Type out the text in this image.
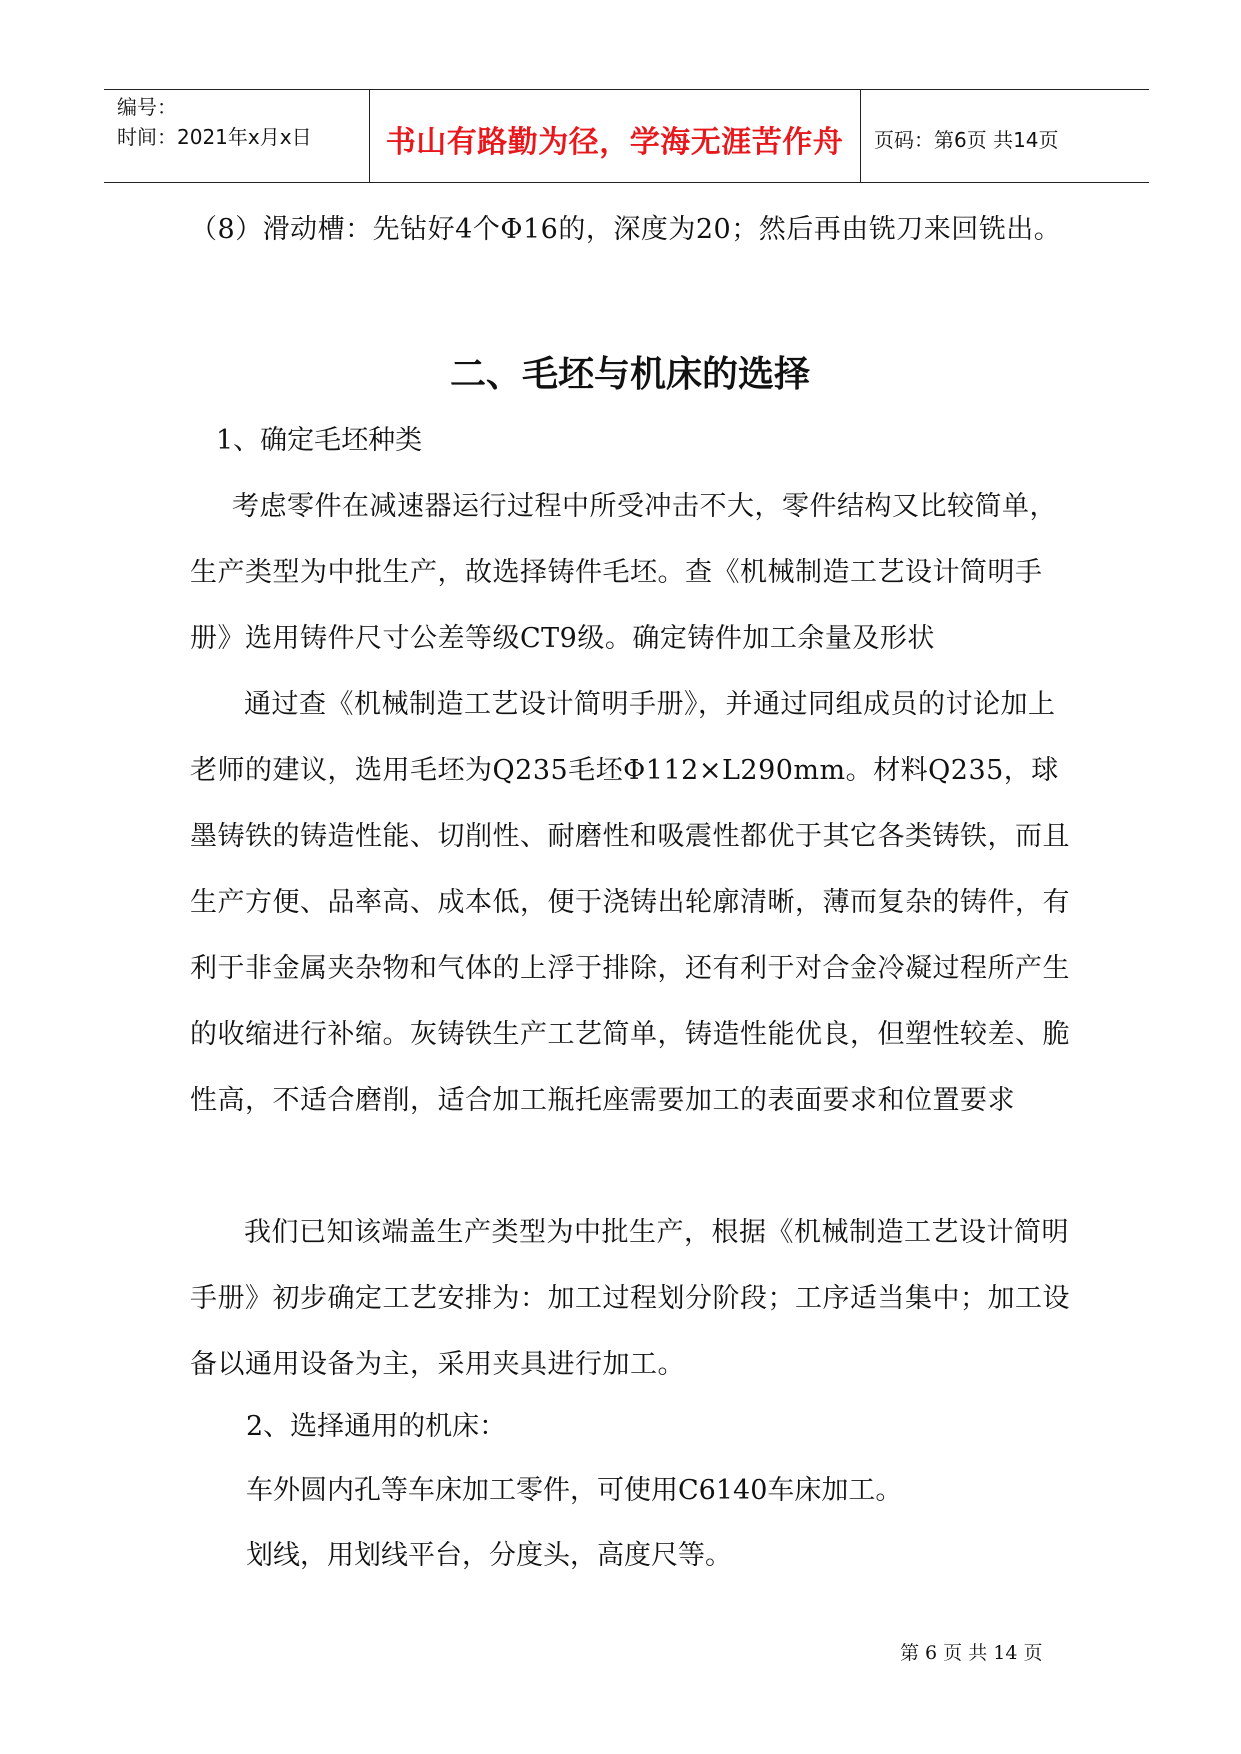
编号：
时间：2021年x月x日	书山有路勤为径，学海无涯苦作舟	页码：第6页 共14页

（8）滑动槽：先钻好4个Φ16的，深度为20；然后再由铣刀来回铣出。

二、毛坯与机床的选择

1、确定毛坯种类

考虑零件在减速器运行过程中所受冲击不大，零件结构又比较简单，生产类型为中批生产，故选择铸件毛坯。查《机械制造工艺设计简明手册》选用铸件尺寸公差等级CT9级。确定铸件加工余量及形状

通过查《机械制造工艺设计简明手册》，并通过同组成员的讨论加上老师的建议，选用毛坯为Q235毛坯Φ112×L290mm。材料Q235，球墨铸铁的铸造性能、切削性、耐磨性和吸震性都优于其它各类铸铁，而且生产方便、品率高、成本低，便于浇铸出轮廓清晰，薄而复杂的铸件，有利于非金属夹杂物和气体的上浮于排除，还有利于对合金冷凝过程所产生的收缩进行补缩。灰铸铁生产工艺简单，铸造性能优良，但塑性较差、脆性高，不适合磨削，适合加工瓶托座需要加工的表面要求和位置要求

我们已知该端盖生产类型为中批生产，根据《机械制造工艺设计简明手册》初步确定工艺安排为：加工过程划分阶段；工序适当集中；加工设备以通用设备为主，采用夹具进行加工。

2、选择通用的机床：

车外圆内孔等车床加工零件，可使用C6140车床加工。

划线，用划线平台，分度头，高度尺等。

第 6 页 共 14 页
